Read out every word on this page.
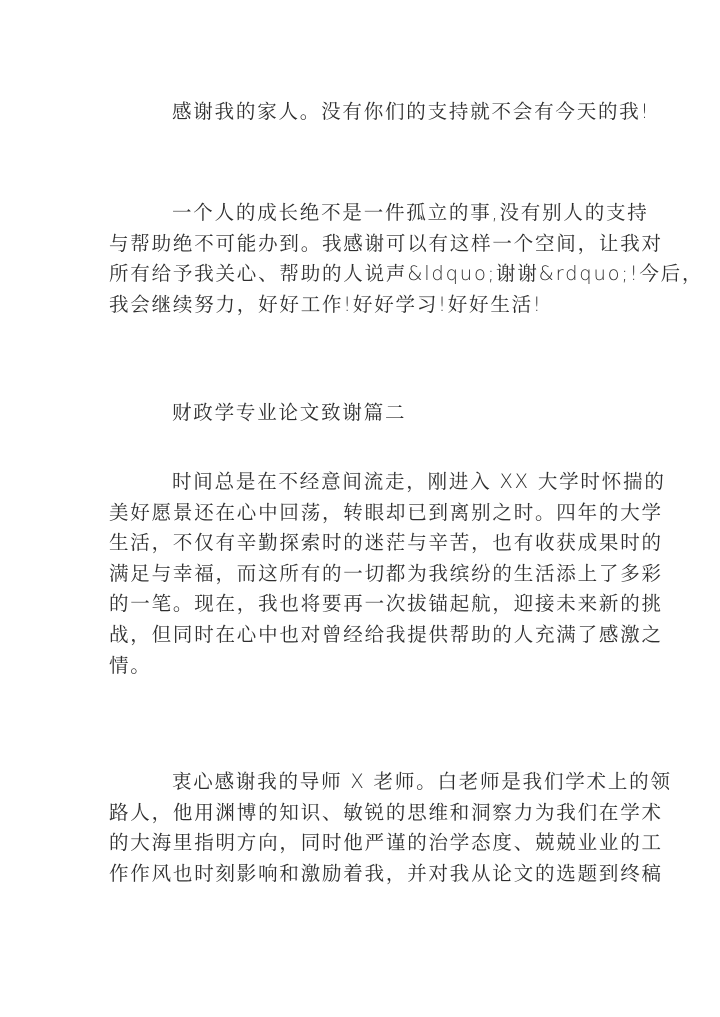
感谢我的家人。没有你们的支持就不会有今天的我!
一个人的成长绝不是一件孤立的事,没有别人的支持
与帮助绝不可能办到。我感谢可以有这样一个空间，让我对
所有给予我关心、帮助的人说声&ldquo;谢谢&rdquo;!今后，
我会继续努力，好好工作!好好学习!好好生活!
财政学专业论文致谢篇二
时间总是在不经意间流走，刚进入 XX 大学时怀揣的
美好愿景还在心中回荡，转眼却已到离别之时。四年的大学
生活，不仅有辛勤探索时的迷茫与辛苦，也有收获成果时的
满足与幸福，而这所有的一切都为我缤纷的生活添上了多彩
的一笔。现在，我也将要再一次拔锚起航，迎接未来新的挑
战，但同时在心中也对曾经给我提供帮助的人充满了感激之
情。
衷心感谢我的导师 X 老师。白老师是我们学术上的领
路人，他用渊博的知识、敏锐的思维和洞察力为我们在学术
的大海里指明方向，同时他严谨的治学态度、兢兢业业的工
作作风也时刻影响和激励着我，并对我从论文的选题到终稿
